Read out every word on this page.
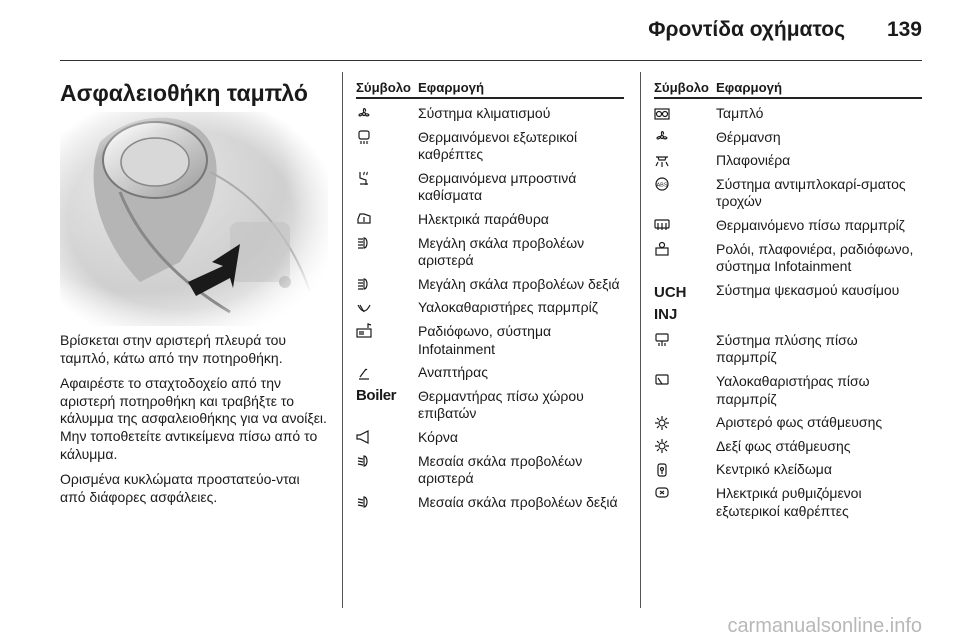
Φροντίδα οχήματος 139
Ασφαλειοθήκη ταμπλό

Βρίσκεται στην αριστερή πλευρά του ταμπλό, κάτω από την ποτηροθήκη.

Αφαιρέστε το σταχτοδοχείο από την αριστερή ποτηροθήκη και τραβήξτε το κάλυμμα της ασφαλειοθήκης για να ανοίξει. Μην τοποθετείτε αντικείμενα πίσω από το κάλυμμα.

Ορισμένα κυκλώματα προστατεύο-νται από διάφορες ασφάλειες.

Σύμβολο Εφαρμογή
Σύστημα κλιματισμού
Θερμαινόμενοι εξωτερικοί καθρέπτες
Θερμαινόμενα μπροστινά καθίσματα
Ηλεκτρικά παράθυρα
Μεγάλη σκάλα προβολέων αριστερά
Μεγάλη σκάλα προβολέων δεξιά
Υαλοκαθαριστήρες παρμπρίζ
Ραδιόφωνο, σύστημα Infotainment
Αναπτήρας
Boiler Θερμαντήρας πίσω χώρου επιβατών
Κόρνα
Μεσαία σκάλα προβολέων αριστερά
Μεσαία σκάλα προβολέων δεξιά
Σύμβολο Εφαρμογή
Ταμπλό
Θέρμανση
Πλαφονιέρα
ABS	Σύστημα αντιμπλοκαρί-σματος τροχών
Θερμαινόμενο πίσω παρμπρίζ
Ρολόι, πλαφονιέρα, ραδιόφωνο, σύστημα Infotainment
UCH INJ
Σύστημα ψεκασμού καυσίμου
Σύστημα πλύσης πίσω παρμπρίζ
Υαλοκαθαριστήρας πίσω παρμπρίζ
Αριστερό φως στάθμευσης
Δεξί φως στάθμευσης
Κεντρικό κλείδωμα
Ηλεκτρικά ρυθμιζόμενοι εξωτερικοί καθρέπτες
carmanualsonline.info
